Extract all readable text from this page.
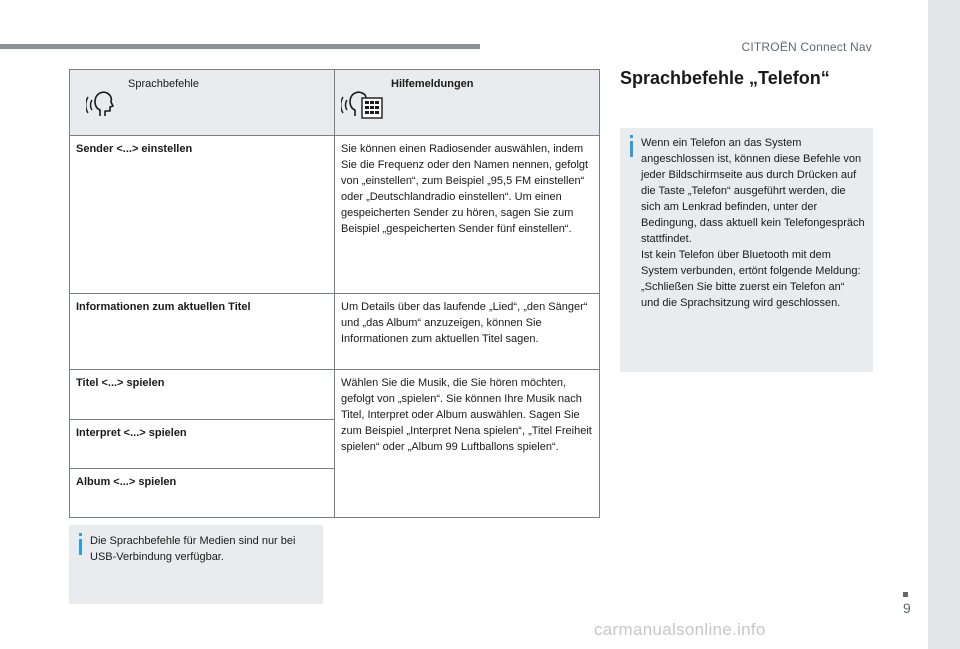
CITROËN Connect Nav
Sprachbefehle	Hilfemeldungen

Sender <...> einstellen	Sie können einen Radiosender auswählen, indem Sie die Frequenz oder den Namen nennen, gefolgt von „einstellen“, zum Beispiel „95,5 FM einstellen“ oder „Deutschlandradio einstellen“. Um einen gespeicherten Sender zu hören, sagen Sie zum Beispiel „gespeicherten Sender fünf einstellen“.
Informationen zum aktuellen Titel	Um Details über das laufende „Lied“, „den Sänger“ und „das Album“ anzuzeigen, können Sie Informationen zum aktuellen Titel sagen.
Titel <...> spielen	Wählen Sie die Musik, die Sie hören möchten, gefolgt von „spielen“. Sie können Ihre Musik nach Titel, Interpret oder Album auswählen. Sagen Sie zum Beispiel „Interpret Nena spielen“, „Titel Freiheit spielen“ oder „Album 99 Luftballons spielen“.
Interpret <...> spielen	
Album <...> spielen	

Die Sprachbefehle für Medien sind nur bei USB-Verbindung verfügbar.

Sprachbefehle „Telefon“

Wenn ein Telefon an das System angeschlossen ist, können diese Befehle von jeder Bildschirmseite aus durch Drücken auf die Taste „Telefon“ ausgeführt werden, die sich am Lenkrad befinden, unter der Bedingung, dass aktuell kein Telefongespräch stattfindet.
Ist kein Telefon über Bluetooth mit dem System verbunden, ertönt folgende Meldung: „Schließen Sie bitte zuerst ein Telefon an“ und die Sprachsitzung wird geschlossen.

9
carmanualsonline.info
